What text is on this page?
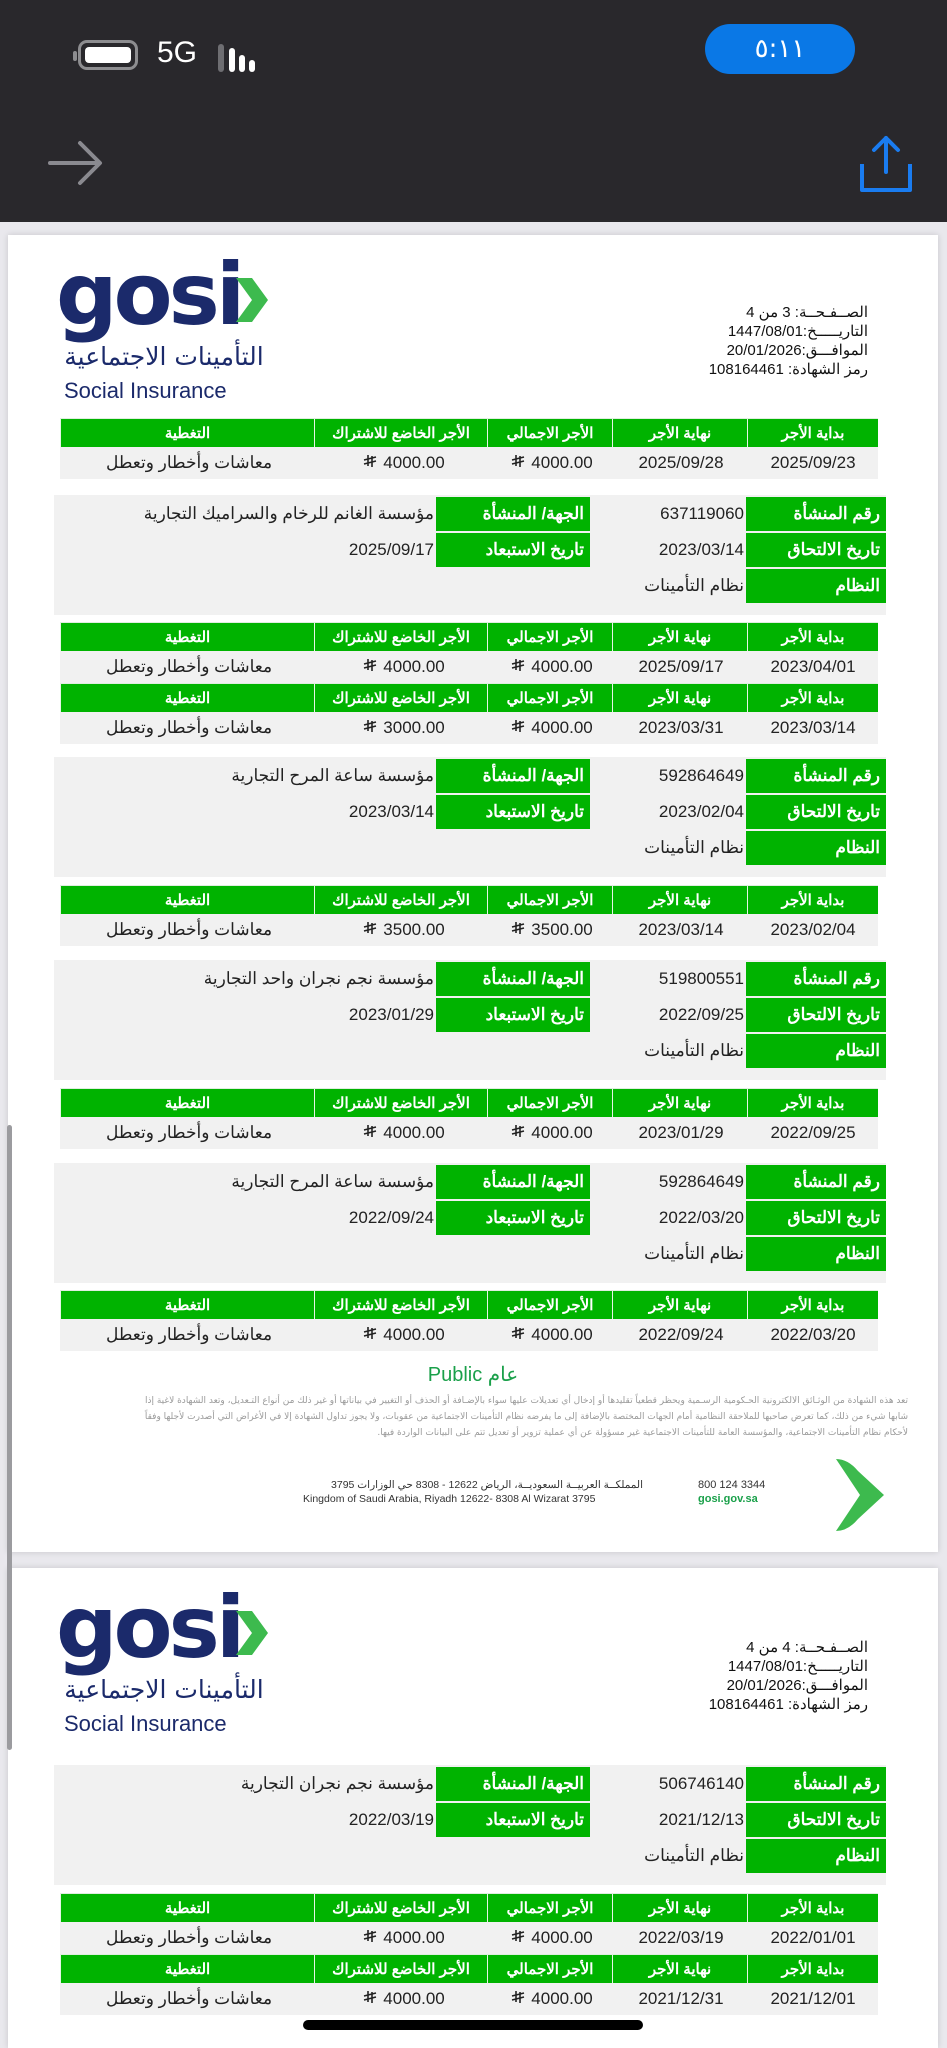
5G	٥:١١
gosi
التأمينات الاجتماعية
Social Insurance
الصــفـحــة: 3 من 4
التاريـــــخ:1447/08/01
الموافـــق:20/01/2026
رمز الشهادة: 108164461
gosi
التأمينات الاجتماعية
Social Insurance
الصــفـحــة: 4 من 4
التاريـــــخ:1447/08/01
الموافـــق:20/01/2026
رمز الشهادة: 108164461
بداية الأجر
نهاية الأجر
الأجر الاجمالي
الأجر الخاضع للاشتراك
التغطية
2025/09/23
2025/09/28
4000.00
4000.00
معاشات وأخطار وتعطل
بداية الأجر
نهاية الأجر
الأجر الاجمالي
الأجر الخاضع للاشتراك
التغطية
2023/04/01
2025/09/17
4000.00
4000.00
معاشات وأخطار وتعطل
بداية الأجر
نهاية الأجر
الأجر الاجمالي
الأجر الخاضع للاشتراك
التغطية
2023/03/14
2023/03/31
4000.00
3000.00
معاشات وأخطار وتعطل
بداية الأجر
نهاية الأجر
الأجر الاجمالي
الأجر الخاضع للاشتراك
التغطية
2023/02/04
2023/03/14
3500.00
3500.00
معاشات وأخطار وتعطل
بداية الأجر
نهاية الأجر
الأجر الاجمالي
الأجر الخاضع للاشتراك
التغطية
2022/09/25
2023/01/29
4000.00
4000.00
معاشات وأخطار وتعطل
بداية الأجر
نهاية الأجر
الأجر الاجمالي
الأجر الخاضع للاشتراك
التغطية
2022/03/20
2022/09/24
4000.00
4000.00
معاشات وأخطار وتعطل
بداية الأجر
نهاية الأجر
الأجر الاجمالي
الأجر الخاضع للاشتراك
التغطية
2022/01/01
2022/03/19
4000.00
4000.00
معاشات وأخطار وتعطل
بداية الأجر
نهاية الأجر
الأجر الاجمالي
الأجر الخاضع للاشتراك
التغطية
2021/12/01
2021/12/31
4000.00
4000.00
معاشات وأخطار وتعطل
رقم المنشأة
تاريخ الالتحاق
النظام
الجهة/ المنشأة
تاريخ الاستبعاد
637119060
2023/03/14
نظام التأمينات
مؤسسة الغانم للرخام والسراميك التجارية
2025/09/17
رقم المنشأة
تاريخ الالتحاق
النظام
الجهة/ المنشأة
تاريخ الاستبعاد
592864649
2023/02/04
نظام التأمينات
مؤسسة ساعة المرح التجارية
2023/03/14
رقم المنشأة
تاريخ الالتحاق
النظام
الجهة/ المنشأة
تاريخ الاستبعاد
519800551
2022/09/25
نظام التأمينات
مؤسسة نجم نجران واحد التجارية
2023/01/29
رقم المنشأة
تاريخ الالتحاق
النظام
الجهة/ المنشأة
تاريخ الاستبعاد
592864649
2022/03/20
نظام التأمينات
مؤسسة ساعة المرح التجارية
2022/09/24
رقم المنشأة
تاريخ الالتحاق
النظام
الجهة/ المنشأة
تاريخ الاستبعاد
506746140
2021/12/13
نظام التأمينات
مؤسسة نجم نجران التجارية
2022/03/19
Public عام
تعد هذه الشهادة من الوثـائق الالكترونية الحـكومية الرسـمية ويحظر قطعياً تقليدها أو إدخال أي تعديلات عليها سواء بالإضـافة أو الحذف أو التغيير في بياناتها أو غير ذلك من أنواع التـعديل، وتعد الشهادة لاغية إذا شابها شيء من ذلك، كما تعرض صاحبها للملاحقة النظامية أمام الجهات المختصة بالإضافة إلى ما يفرضه نظام التأمينات الاجتماعية من عقوبات، ولا يجوز تداول الشهادة إلا في الأغراض التي أصدرت لأجلها وفقاً لأحكام نظام التأمينات الاجتماعية، والمؤسسة العامة للتأمينات الاجتماعية غير مسؤولة عن أي عملية تزوير أو تعديل تتم على البيانات الواردة فيها.
المملكــة العربيــة السعوديــة، الرياض 12622 - 8308 حي الوزارات 3795
Kingdom of Saudi Arabia, Riyadh 12622- 8308 Al Wizarat 3795
800 124 3344
gosi.gov.sa
